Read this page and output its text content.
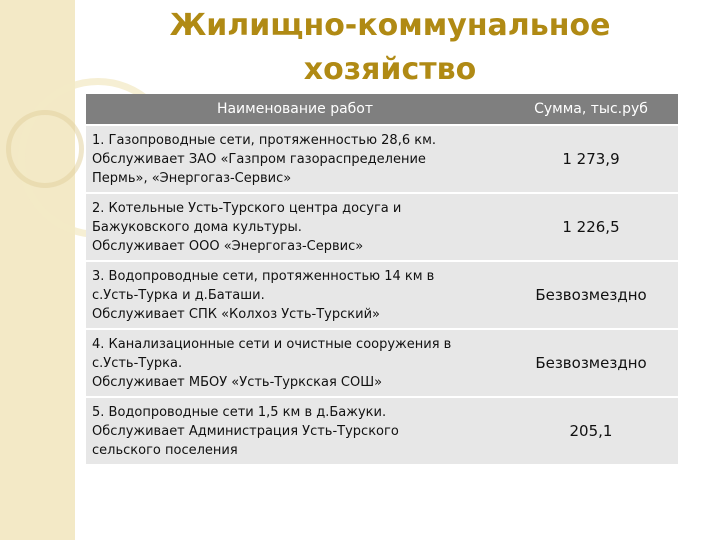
Жилищно-коммунальное
хозяйство
Наименование работ	Сумма, тыс.руб

1. Газопроводные сети, протяженностью 28,6 км.
Обслуживает ЗАО «Газпром газораспределение
Пермь», «Энергогаз-Сервис»	1 273,9

2. Котельные Усть-Турского центра досуга и
Бажуковского дома культуры.
Обслуживает ООО «Энергогаз-Сервис»	1 226,5

3. Водопроводные сети, протяженностью 14 км в
с.Усть-Турка и д.Баташи.
Обслуживает СПК «Колхоз Усть-Турский»	Безвозмездно

4. Канализационные сети и очистные сооружения в
с.Усть-Турка.
Обслуживает МБОУ «Усть-Туркская СОШ»	Безвозмездно

5. Водопроводные сети 1,5 км в д.Бажуки.
Обслуживает Администрация Усть-Турского
сельского поселения	205,1
